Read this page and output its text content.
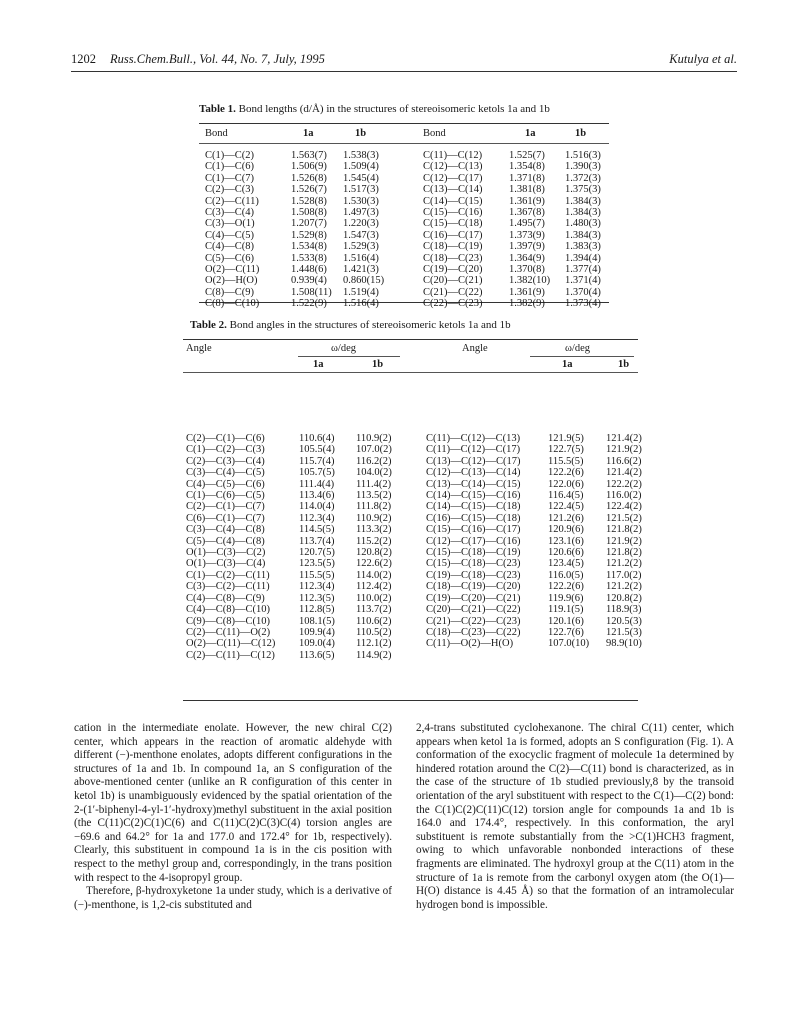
1202 Russ.Chem.Bull., Vol. 44, No. 7, July, 1995	Kutulya et al.
Table 1. Bond lengths (d/Å) in the structures of stereoisomeric ketols 1a and 1b
Bond	1a	1b	Bond	1a	1b
C(1)—C(2)	1.563(7)	1.538(3)	C(11)—C(12)	1.525(7)	1.516(3)
C(1)—C(6)	1.506(9)	1.509(4)	C(12)—C(13)	1.354(8)	1.390(3)
C(1)—C(7)	1.526(8)	1.545(4)	C(12)—C(17)	1.371(8)	1.372(3)
C(2)—C(3)	1.526(7)	1.517(3)	C(13)—C(14)	1.381(8)	1.375(3)
C(2)—C(11)	1.528(8)	1.530(3)	C(14)—C(15)	1.361(9)	1.384(3)
C(3)—C(4)	1.508(8)	1.497(3)	C(15)—C(16)	1.367(8)	1.384(3)
C(3)—O(1)	1.207(7)	1.220(3)	C(15)—C(18)	1.495(7)	1.480(3)
C(4)—C(5)	1.529(8)	1.547(3)	C(16)—C(17)	1.373(9)	1.384(3)
C(4)—C(8)	1.534(8)	1.529(3)	C(18)—C(19)	1.397(9)	1.383(3)
C(5)—C(6)	1.533(8)	1.516(4)	C(18)—C(23)	1.364(9)	1.394(4)
O(2)—C(11)	1.448(6)	1.421(3)	C(19)—C(20)	1.370(8)	1.377(4)
O(2)—H(O)	0.939(4)	0.860(15)	C(20)—C(21)	1.382(10)	1.371(4)
C(8)—C(9)	1.508(11)	1.519(4)	C(21)—C(22)	1.361(9)	1.370(4)
C(8)—C(10)	1.522(9)	1.516(4)	C(22)—C(23)	1.382(9)	1.373(4)
Table 2. Bond angles in the structures of stereoisomeric ketols 1a and 1b
Angle	ω/deg	Angle	ω/deg
1a	1b	1a	1b
C(2)—C(1)—C(6)	110.6(4)	110.9(2)	C(11)—C(12)—C(13)	121.9(5)	121.4(2)
C(1)—C(2)—C(3)	105.5(4)	107.0(2)	C(11)—C(12)—C(17)	122.7(5)	121.9(2)
C(2)—C(3)—C(4)	115.7(4)	116.2(2)	C(13)—C(12)—C(17)	115.5(5)	116.6(2)
C(3)—C(4)—C(5)	105.7(5)	104.0(2)	C(12)—C(13)—C(14)	122.2(6)	121.4(2)
C(4)—C(5)—C(6)	111.4(4)	111.4(2)	C(13)—C(14)—C(15)	122.0(6)	122.2(2)
C(1)—C(6)—C(5)	113.4(6)	113.5(2)	C(14)—C(15)—C(16)	116.4(5)	116.0(2)
C(2)—C(1)—C(7)	114.0(4)	111.8(2)	C(14)—C(15)—C(18)	122.4(5)	122.4(2)
C(6)—C(1)—C(7)	112.3(4)	110.9(2)	C(16)—C(15)—C(18)	121.2(6)	121.5(2)
C(3)—C(4)—C(8)	114.5(5)	113.3(2)	C(15)—C(16)—C(17)	120.9(6)	121.8(2)
C(5)—C(4)—C(8)	113.7(4)	115.2(2)	C(12)—C(17)—C(16)	123.1(6)	121.9(2)
O(1)—C(3)—C(2)	120.7(5)	120.8(2)	C(15)—C(18)—C(19)	120.6(6)	121.8(2)
O(1)—C(3)—C(4)	123.5(5)	122.6(2)	C(15)—C(18)—C(23)	123.4(5)	121.2(2)
C(1)—C(2)—C(11)	115.5(5)	114.0(2)	C(19)—C(18)—C(23)	116.0(5)	117.0(2)
C(3)—C(2)—C(11)	112.3(4)	112.4(2)	C(18)—C(19)—C(20)	122.2(6)	121.2(2)
C(4)—C(8)—C(9)	112.3(5)	110.0(2)	C(19)—C(20)—C(21)	119.9(6)	120.8(2)
C(4)—C(8)—C(10)	112.8(5)	113.7(2)	C(20)—C(21)—C(22)	119.1(5)	118.9(3)
C(9)—C(8)—C(10)	108.1(5)	110.6(2)	C(21)—C(22)—C(23)	120.1(6)	120.5(3)
C(2)—C(11)—O(2)	109.9(4)	110.5(2)	C(18)—C(23)—C(22)	122.7(6)	121.5(3)
O(2)—C(11)—C(12)	109.0(4)	112.1(2)	C(11)—O(2)—H(O)	107.0(10)	98.9(10)
C(2)—C(11)—C(12)	113.6(5)	114.9(2)			

cation in the intermediate enolate. However, the new chiral C(2) center, which appears in the reaction of aromatic aldehyde with different (−)-menthone enolates, adopts different configurations in the structures of 1a and 1b. In compound 1a, an S configuration of the above-mentioned center (unlike an R configuration of this center in ketol 1b) is unambiguously evidenced by the spatial orientation of the 2-(1′-biphenyl-4-yl-1′-hydroxy)methyl substituent in the axial position (the C(11)C(2)C(1)C(6) and C(11)C(2)C(3)C(4) torsion angles are −69.6 and 64.2° for 1a and 177.0 and 172.4° for 1b, respectively). Clearly, this substituent in compound 1a is in the cis position with respect to the methyl group and, correspondingly, in the trans position with respect to the 4-isopropyl group.

Therefore, β-hydroxyketone 1a under study, which is a derivative of (−)-menthone, is 1,2-cis substituted and

2,4-trans substituted cyclohexanone. The chiral C(11) center, which appears when ketol 1a is formed, adopts an S configuration (Fig. 1). A conformation of the exocyclic fragment of molecule 1a determined by hindered rotation around the C(2)—C(11) bond is characterized, as in the case of the structure of 1b studied previously,8 by the transoid orientation of the aryl substituent with respect to the C(1)—C(2) bond: the C(1)C(2)C(11)C(12) torsion angle for compounds 1a and 1b is 164.0 and 174.4°, respectively. In this conformation, the aryl substituent is remote substantially from the >C(1)HCH3 fragment, owing to which unfavorable nonbonded interactions of these fragments are eliminated. The hydroxyl group at the C(11) atom in the structure of 1a is remote from the carbonyl oxygen atom (the O(1)—H(O) distance is 4.45 Å) so that the formation of an intramolecular hydrogen bond is impossible.
